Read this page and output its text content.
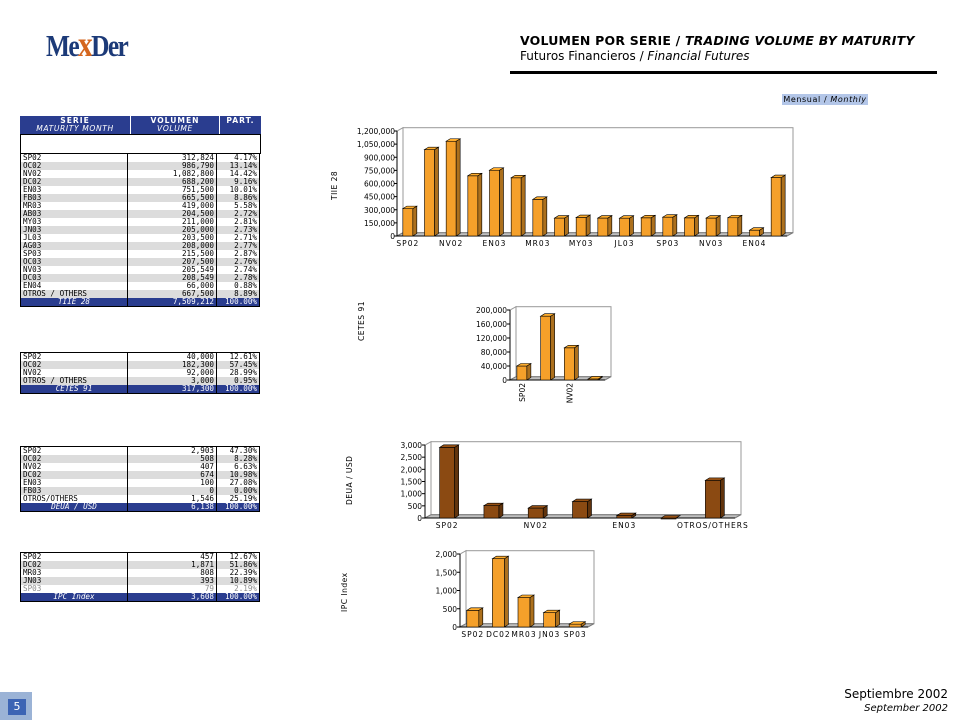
MexDer	VOLUMEN POR SERIE / TRADING VOLUME BY MATURITY
Futuros Financieros / Financial Futures
Mensual / Monthly
SERIE
MATURITY MONTH
VOLUMEN
VOLUME
PART.
SP02	312,824	4.17%
OC02	986,790	13.14%
NV02	1,082,800	14.42%
DC02	688,200	9.16%
EN03	751,500	10.01%
FB03	665,500	8.86%
MR03	419,000	5.58%
AB03	204,500	2.72%
MY03	211,000	2.81%
JN03	205,000	2.73%
JL03	203,500	2.71%
AG03	208,000	2.77%
SP03	215,500	2.87%
OC03	207,500	2.76%
NV03	205,549	2.74%
DC03	208,549	2.78%
EN04	66,000	0.88%
OTROS / OTHERS	667,500	8.89%
TIIE 28	7,509,212	100.00%
SP02	40,000	12.61%
OC02	182,300	57.45%
NV02	92,000	28.99%
OTROS / OTHERS	3,000	0.95%
CETES 91	317,300	100.00%
SP02	2,903	47.30%
OC02	508	8.28%
NV02	407	6.63%
DC02	674	10.98%
EN03	100	27.08%
FB03	0	0.00%
OTROS/OTHERS	1,546	25.19%
DEUA / USD	6,138	100.00%
SP02	457	12.67%
DC02	1,871	51.86%
MR03	808	22.39%
JN03	393	10.89%
SP03	79	2.19%
IPC Index	3,608	100.00%
TIIE 28
0
150,000
300,000
450,000
600,000
750,000
900,000
1,050,000
1,200,000
SP02	NV02	EN03	MR03 MY03	JL03	SP03	NV03	EN04
CETES 91
0
40,000
80,000
120,000
160,000
200,000
SP02	NV02
DEUA / USD
0
500
1,000
1,500
2,000
2,500
3,000
SP02	NV02	EN03	OTROS/OTHERS
IPC Index
0
500
1,000
1,500
2,000
SP02 DC02 MR03 JN03 SP03
5
Septiembre 2002
September 2002
